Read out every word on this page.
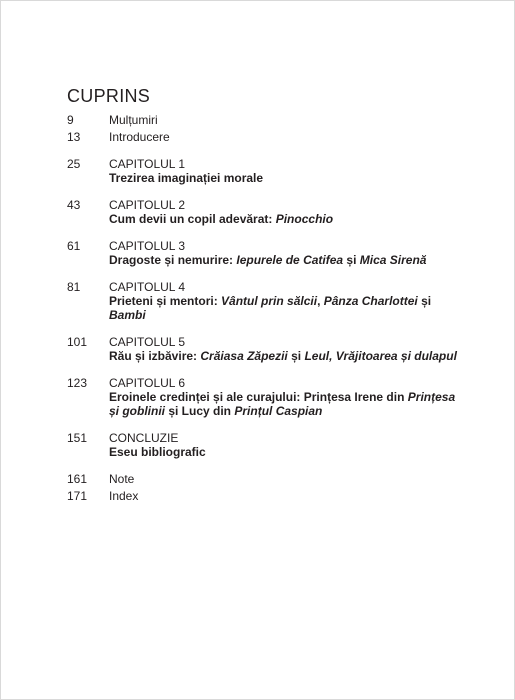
CUPRINS
9	Mulțumiri
13	Introducere
25	CAPITOLUL 1
Trezirea imaginației morale
43	CAPITOLUL 2
Cum devii un copil adevărat: Pinocchio
61	CAPITOLUL 3
Dragoste și nemurire: Iepurele de Catifea și Mica Sirenă
81	CAPITOLUL 4
Prieteni și mentori: Vântul prin sălcii, Pânza Charlottei și Bambi
101	CAPITOLUL 5
Rău și izbăvire: Crăiasa Zăpezii și Leul, Vrăjitoarea și dulapul
123	CAPITOLUL 6
Eroinele credinței și ale curajului: Prințesa Irene din Prințesa și goblinii și Lucy din Prințul Caspian
151	CONCLUZIE
Eseu bibliografic
161	Note
171	Index
